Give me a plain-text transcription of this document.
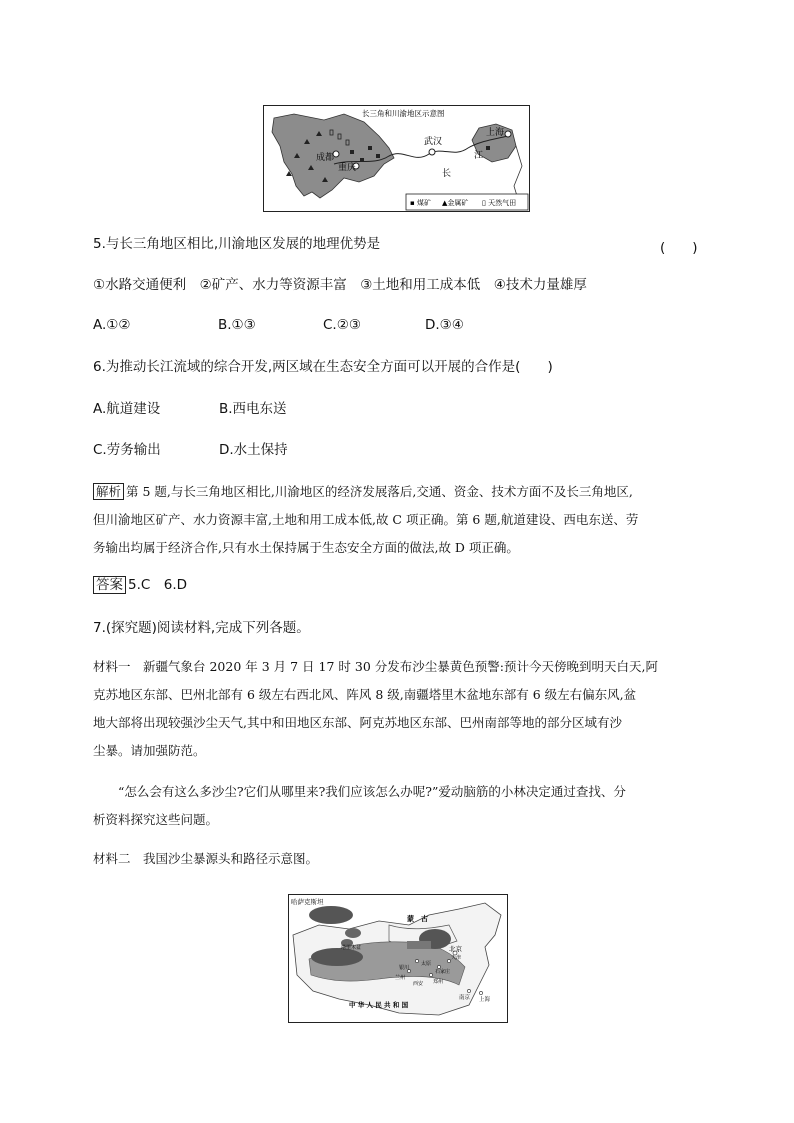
长三角和川渝地区示意图
成都
重庆
武汉
上海
长
江
▪ 煤矿 ▲金属矿 ▯ 天然气田
5.与长三角地区相比,川渝地区发展的地理优势是	(　　)
①水路交通便利　②矿产、水力等资源丰富　③土地和用工成本低　④技术力量雄厚
A.①②	B.①③	C.②③	D.③④
6.为推动长江流域的综合开发,两区域在生态安全方面可以开展的合作是(　　)
A.航道建设	B.西电东送
C.劳务输出	D.水土保持
解析 第 5 题,与长三角地区相比,川渝地区的经济发展落后,交通、资金、技术方面不及长三角地区,
但川渝地区矿产、水力资源丰富,土地和用工成本低,故 C 项正确。第 6 题,航道建设、西电东送、劳
务输出均属于经济合作,只有水土保持属于生态安全方面的做法,故 D 项正确。
答案 5.C　6.D
7.(探究题)阅读材料,完成下列各题。
材料一　新疆气象台 2020 年 3 月 7 日 17 时 30 分发布沙尘暴黄色预警:预计今天傍晚到明天白天,阿
克苏地区东部、巴州北部有 6 级左右西北风、阵风 8 级,南疆塔里木盆地东部有 6 级左右偏东风,盆
地大部将出现较强沙尘天气,其中和田地区东部、阿克苏地区东部、巴州南部等地的部分区域有沙
尘暴。请加强防范。
　　“怎么会有这么多沙尘?它们从哪里来?我们应该怎么办呢?”爱动脑筋的小林决定通过查找、分
析资料探究这些问题。
材料二　我国沙尘暴源头和路径示意图。
哈萨克斯坦
蒙　古
北京
天津
塔里木盆
银川
太原
石家庄
兰州
西安 郑州
中 华 人 民 共 和 国
南京 上海
